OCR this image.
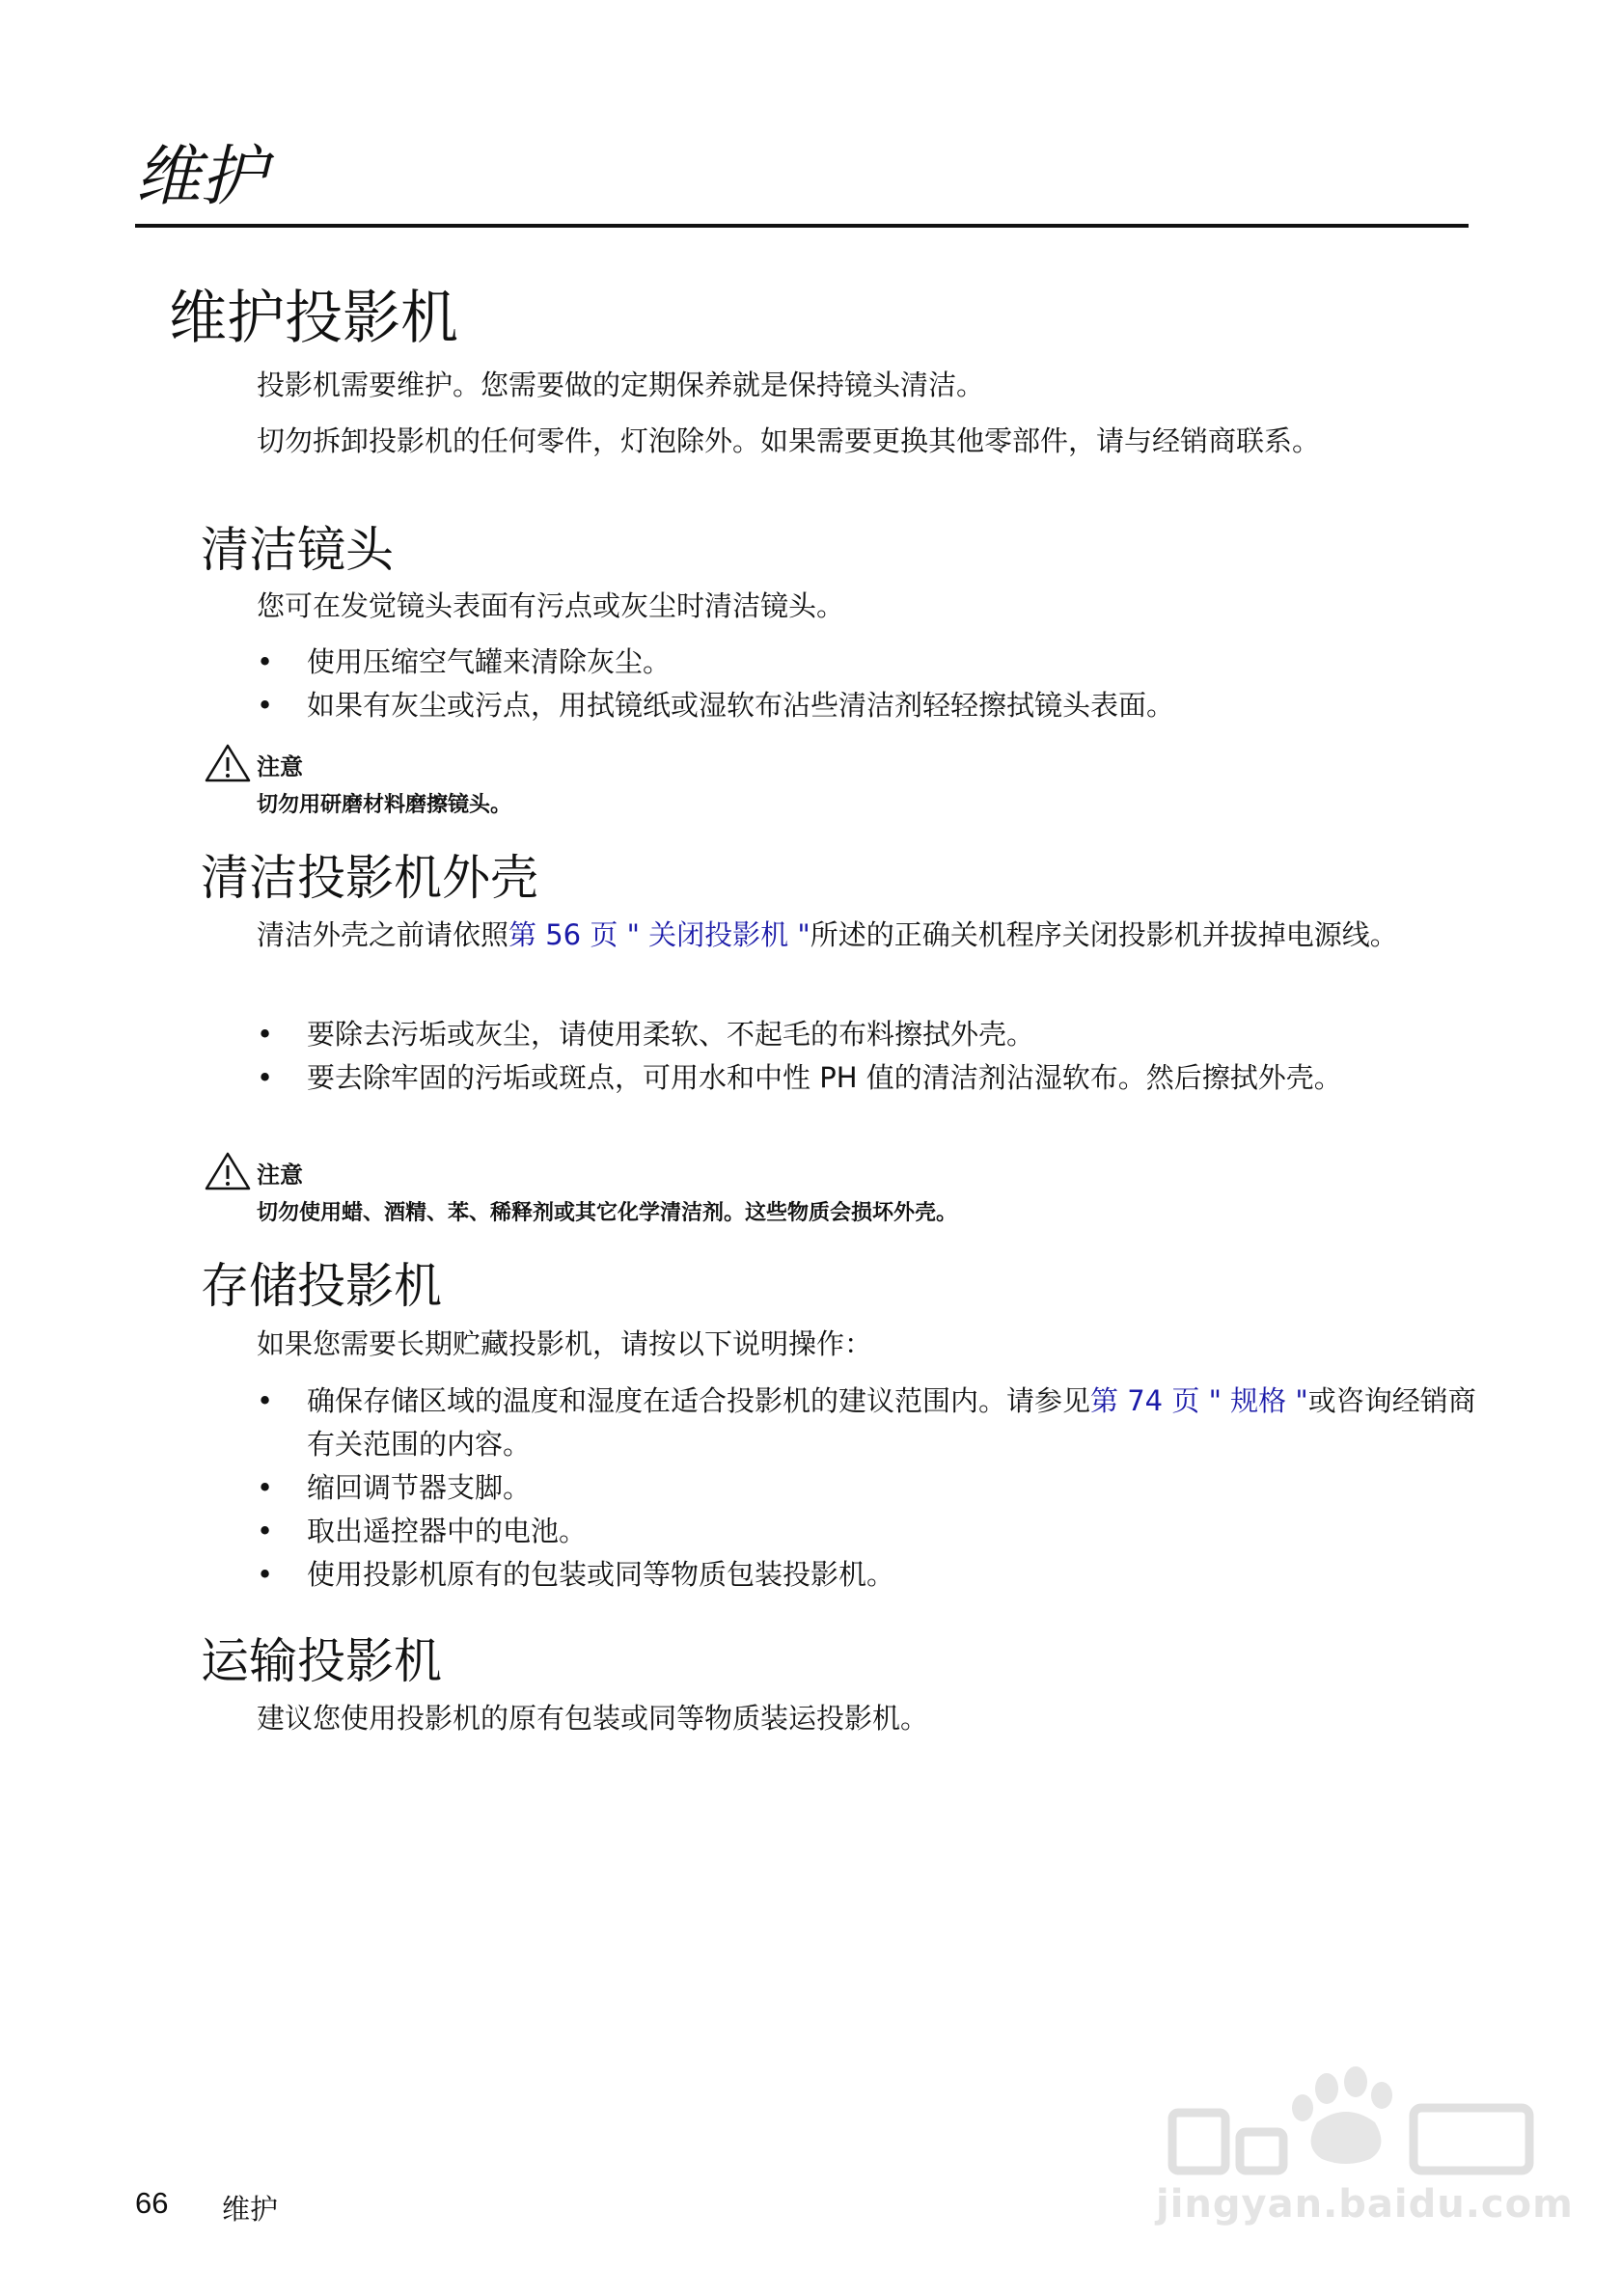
维护
维护投影机
投影机需要维护。您需要做的定期保养就是保持镜头清洁。
切勿拆卸投影机的任何零件，灯泡除外。如果需要更换其他零部件，请与经销商联系。
清洁镜头
您可在发觉镜头表面有污点或灰尘时清洁镜头。
• 使用压缩空气罐来清除灰尘。
• 如果有灰尘或污点，用拭镜纸或湿软布沾些清洁剂轻轻擦拭镜头表面。
注意
切勿用研磨材料磨擦镜头。
清洁投影机外壳
清洁外壳之前请依照第 56 页 " 关闭投影机 "所述的正确关机程序关闭投影机并拔掉电源线。
• 要除去污垢或灰尘，请使用柔软、不起毛的布料擦拭外壳。
• 要去除牢固的污垢或斑点，可用水和中性 PH 值的清洁剂沾湿软布。然后擦拭外壳。
注意
切勿使用蜡、酒精、苯、稀释剂或其它化学清洁剂。这些物质会损坏外壳。
存储投影机
如果您需要长期贮藏投影机，请按以下说明操作：
• 确保存储区域的温度和湿度在适合投影机的建议范围内。请参见第 74 页 " 规格 "或咨询经销商有关范围的内容。
• 缩回调节器支脚。
• 取出遥控器中的电池。
• 使用投影机原有的包装或同等物质包装投影机。
运输投影机
建议您使用投影机的原有包装或同等物质装运投影机。
jingyan.baidu.com
66 维护
